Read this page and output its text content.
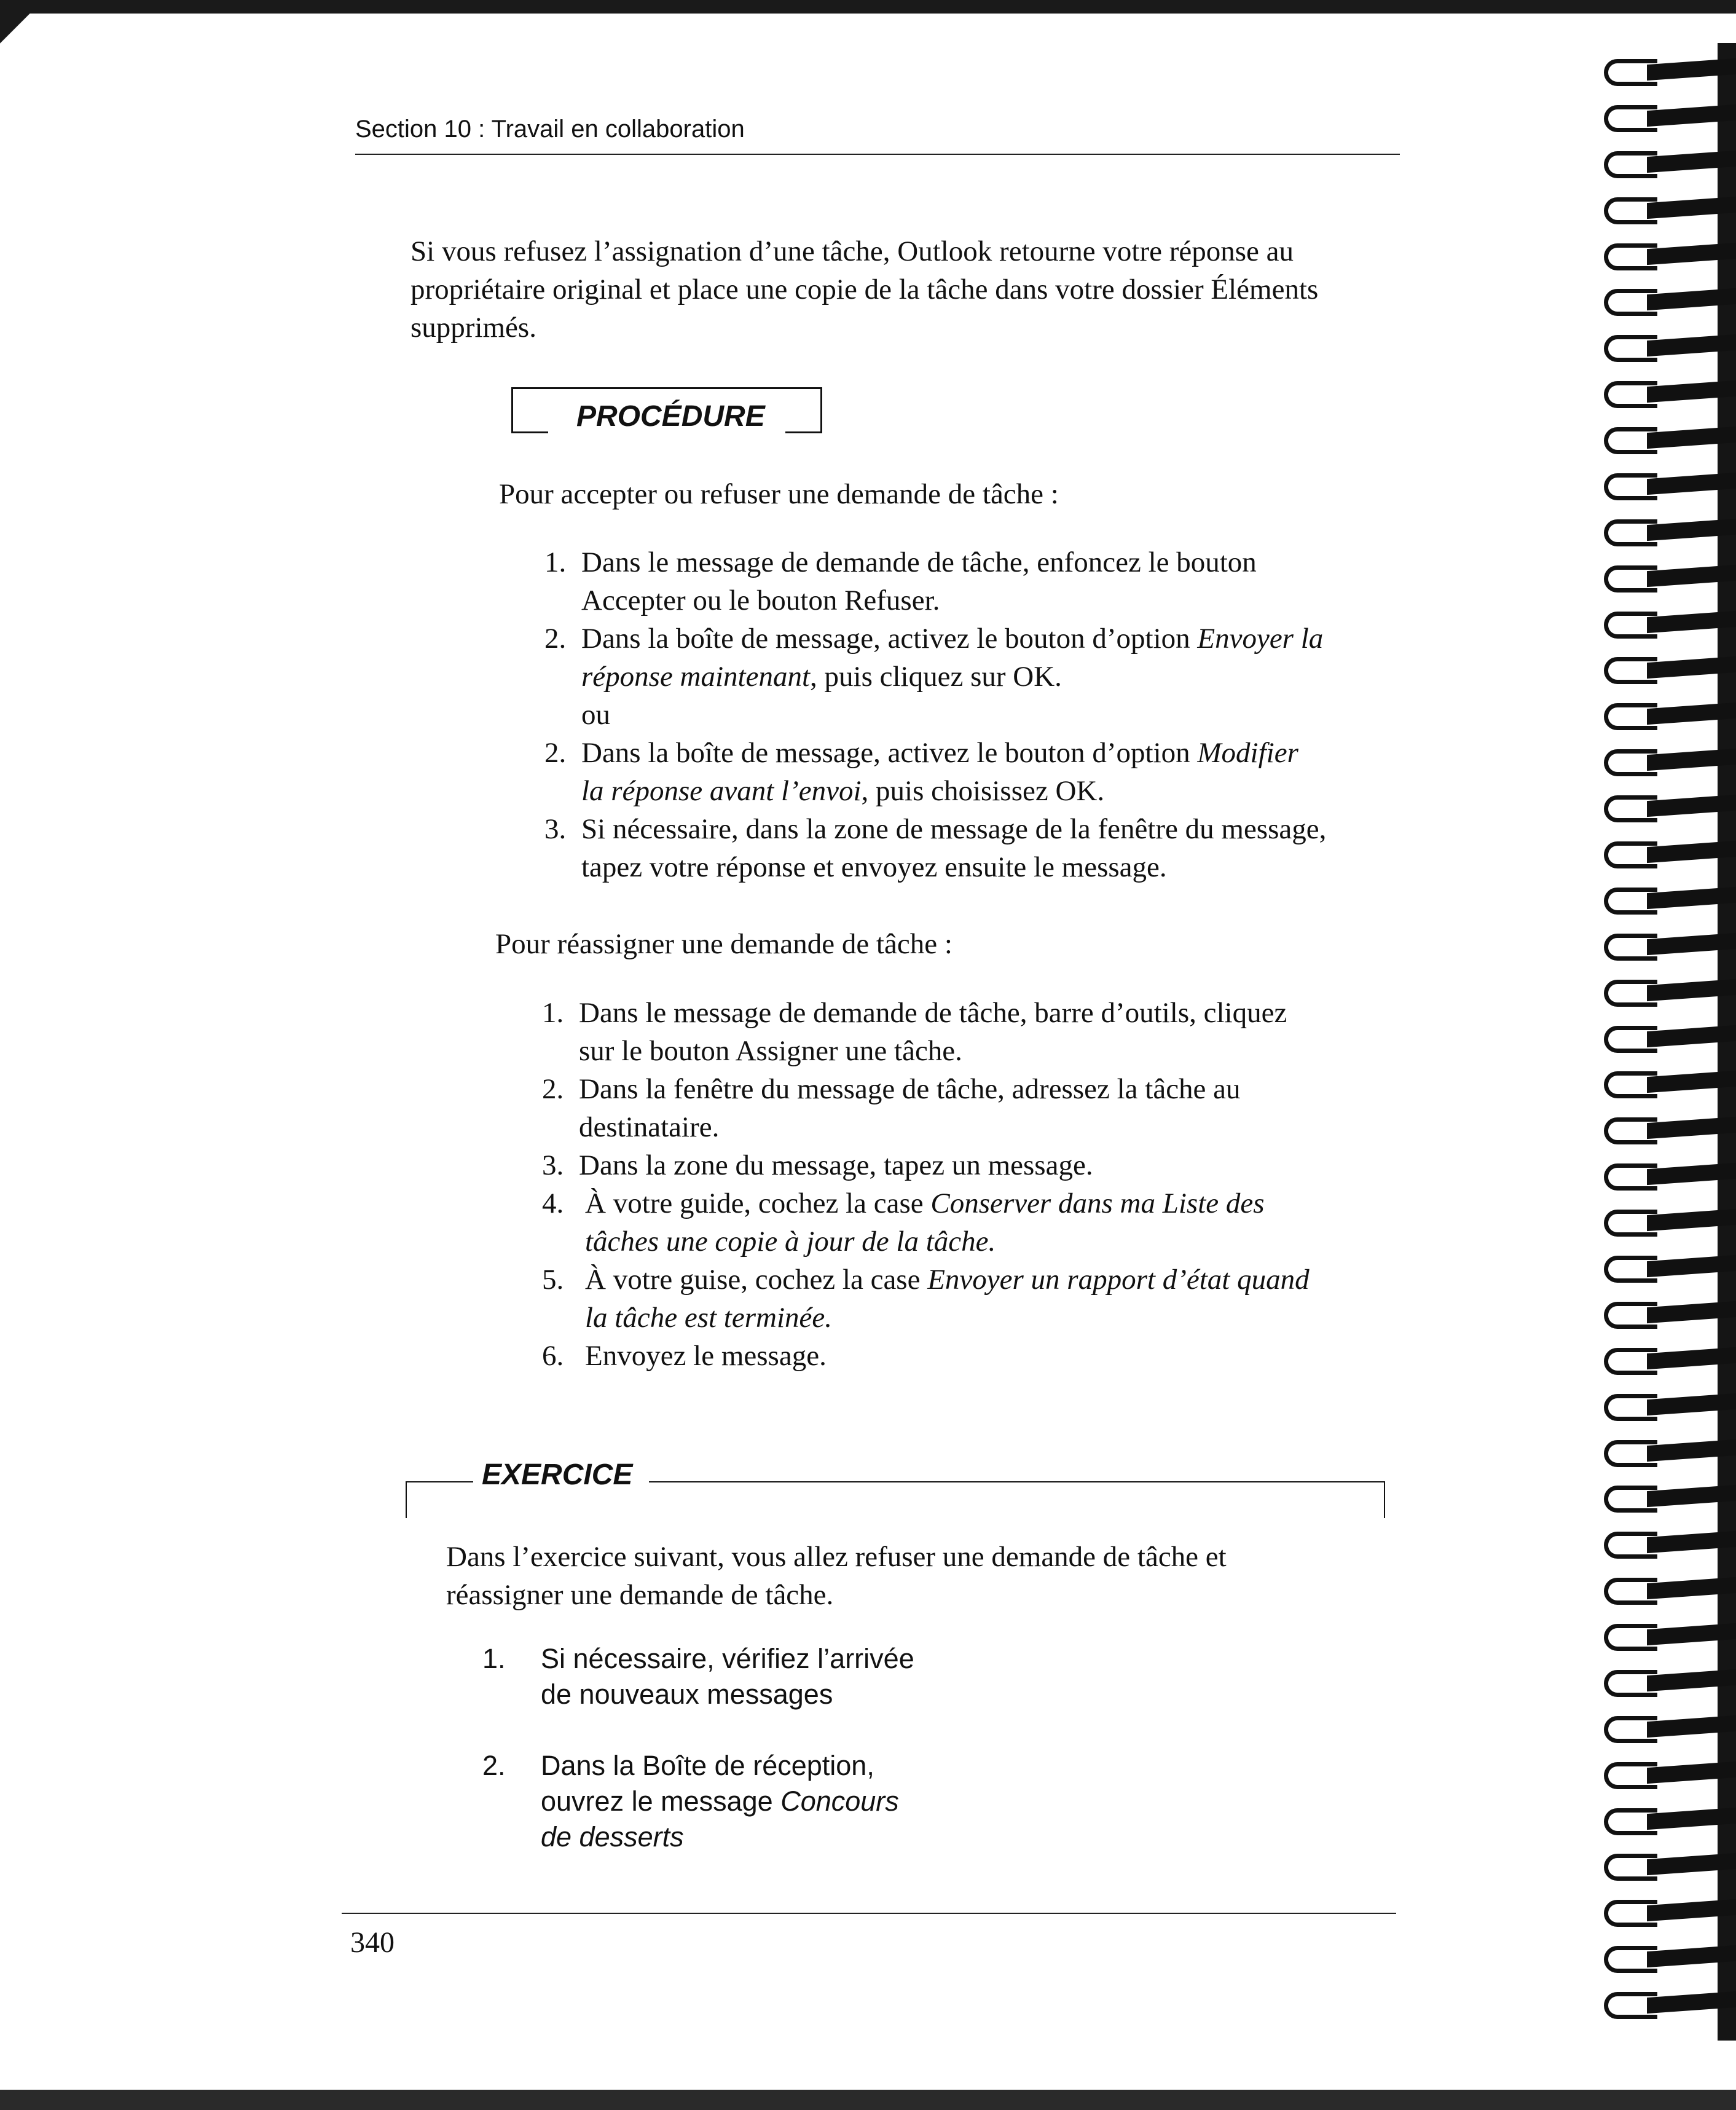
Section 10 : Travail en collaboration

Si vous refusez l’assignation d’une tâche, Outlook retourne votre réponse au
propriétaire original et place une copie de la tâche dans votre dossier Éléments
supprimés.

PROCÉDURE

Pour accepter ou refuser une demande de tâche :

1. Dans le message de demande de tâche, enfoncez le bouton
Accepter ou le bouton Refuser.
2. Dans la boîte de message, activez le bouton d’option Envoyer la
réponse maintenant, puis cliquez sur OK.
ou
2. Dans la boîte de message, activez le bouton d’option Modifier
la réponse avant l’envoi, puis choisissez OK.
3. Si nécessaire, dans la zone de message de la fenêtre du message,
tapez votre réponse et envoyez ensuite le message.

Pour réassigner une demande de tâche :

1. Dans le message de demande de tâche, barre d’outils, cliquez
sur le bouton Assigner une tâche.
2. Dans la fenêtre du message de tâche, adressez la tâche au
destinataire.
3. Dans la zone du message, tapez un message.
4. À votre guide, cochez la case Conserver dans ma Liste des
tâches une copie à jour de la tâche.
5. À votre guise, cochez la case Envoyer un rapport d’état quand
la tâche est terminée.
6. Envoyez le message.
EXERCICE

Dans l’exercice suivant, vous allez refuser une demande de tâche et
réassigner une demande de tâche.

1. Si nécessaire, vérifiez l’arrivée
de nouveaux messages
2. Dans la Boîte de réception,
ouvrez le message Concours
de desserts
340
